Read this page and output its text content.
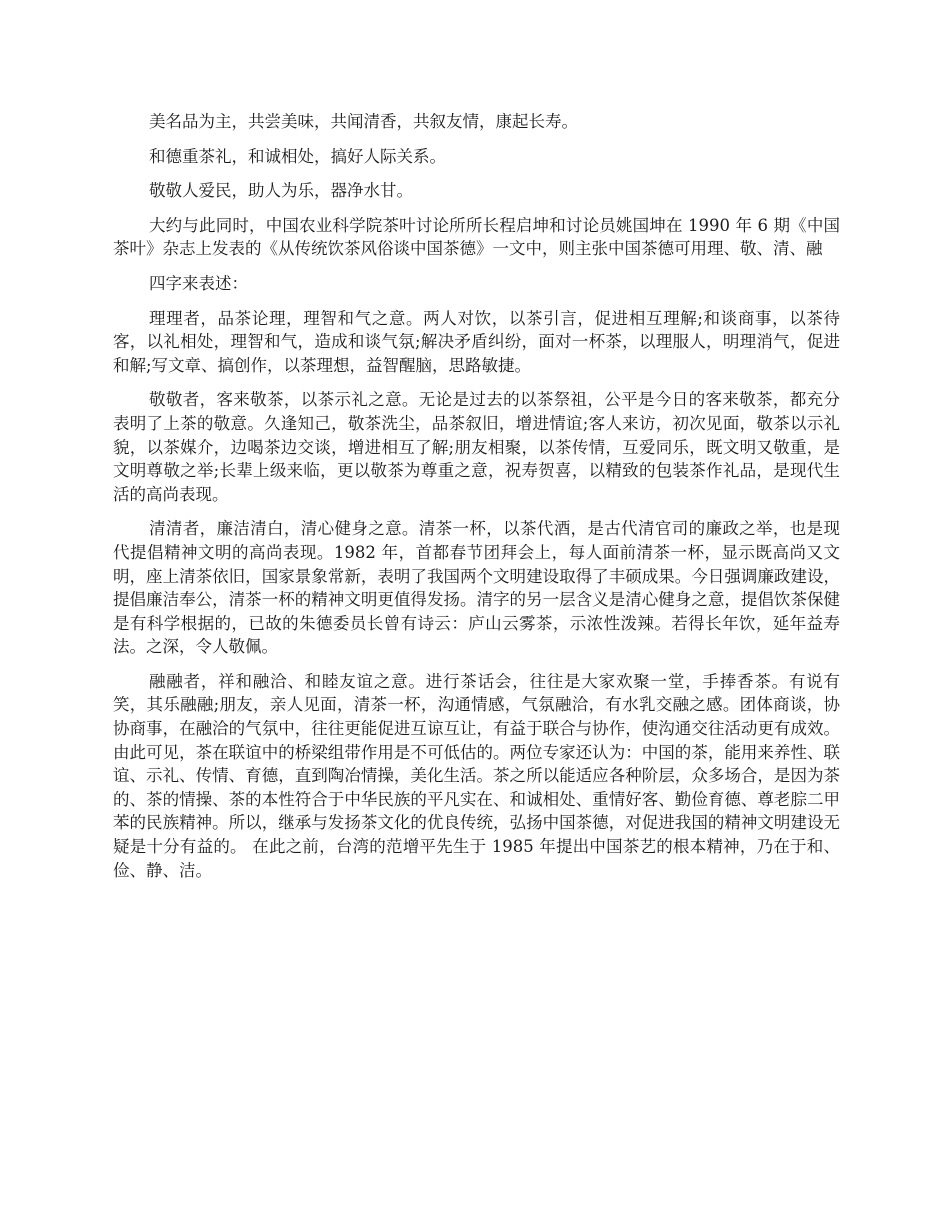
美名品为主，共尝美味，共闻清香，共叙友情，康起长寿。

和德重茶礼，和诚相处，搞好人际关系。

敬敬人爱民，助人为乐，器净水甘。

大约与此同时，中国农业科学院茶叶讨论所所长程启坤和讨论员姚国坤在 1990 年 6 期《中国茶叶》杂志上发表的《从传统饮茶风俗谈中国茶德》一文中，则主张中国茶德可用理、敬、清、融

四字来表述：

理理者，品茶论理，理智和气之意。两人对饮，以茶引言，促进相互理解;和谈商事，以茶待客，以礼相处，理智和气，造成和谈气氛;解决矛盾纠纷，面对一杯茶，以理服人，明理消气，促进和解;写文章、搞创作，以茶理想，益智醒脑，思路敏捷。

敬敬者，客来敬茶，以茶示礼之意。无论是过去的以茶祭祖，公平是今日的客来敬茶，都充分表明了上茶的敬意。久逢知己，敬茶洗尘，品茶叙旧，增进情谊;客人来访，初次见面，敬茶以示礼貌，以茶媒介，边喝茶边交谈，增进相互了解;朋友相聚，以茶传情，互爱同乐，既文明又敬重，是文明尊敬之举;长辈上级来临，更以敬茶为尊重之意，祝寿贺喜，以精致的包装茶作礼品，是现代生活的高尚表现。

清清者，廉洁清白，清心健身之意。清茶一杯，以茶代酒，是古代清官司的廉政之举，也是现代提倡精神文明的高尚表现。1982 年，首都春节团拜会上，每人面前清茶一杯，显示既高尚又文明，座上清茶依旧，国家景象常新，表明了我国两个文明建设取得了丰硕成果。今日强调廉政建设，提倡廉洁奉公，清茶一杯的精神文明更值得发扬。清字的另一层含义是清心健身之意，提倡饮茶保健是有科学根据的，已故的朱德委员长曾有诗云：庐山云雾茶，示浓性泼辣。若得长年饮，延年益寿法。之深，令人敬佩。

融融者，祥和融洽、和睦友谊之意。进行茶话会，往往是大家欢聚一堂，手捧香茶。有说有笑，其乐融融;朋友，亲人见面，清茶一杯，沟通情感，气氛融洽，有水乳交融之感。团体商谈，协协商事，在融洽的气氛中，往往更能促进互谅互让，有益于联合与协作，使沟通交往活动更有成效。由此可见，茶在联谊中的桥梁组带作用是不可低估的。两位专家还认为：中国的茶，能用来养性、联谊、示礼、传情、育德，直到陶冶情操，美化生活。茶之所以能适应各种阶层，众多场合，是因为茶的、茶的情操、茶的本性符合于中华民族的平凡实在、和诚相处、重情好客、勤俭育德、尊老腙二甲苯的民族精神。所以，继承与发扬茶文化的优良传统，弘扬中国茶德，对促进我国的精神文明建设无疑是十分有益的。 在此之前，台湾的范增平先生于 1985 年提出中国茶艺的根本精神，乃在于和、俭、静、洁。
